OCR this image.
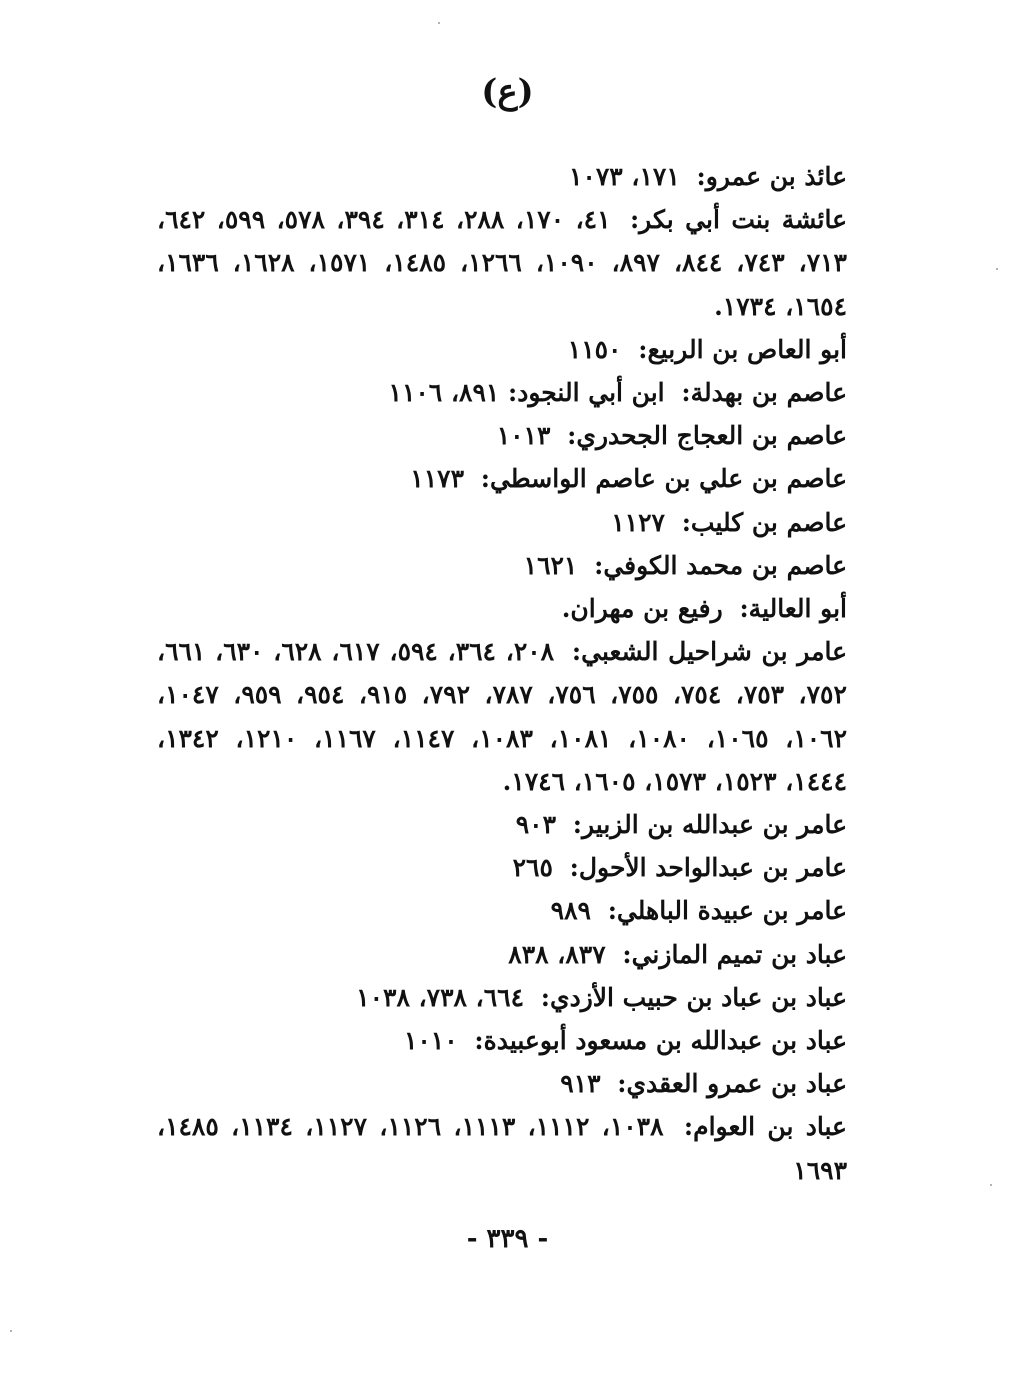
(ع)
عائذ بن عمرو: ١٧١، ١٠٧٣
عائشة بنت أبي بكر: ٤١، ١٧٠، ٢٨٨، ٣١٤، ٣٩٤، ٥٧٨، ٥٩٩، ٦٤٢، ٧١٣، ٧٤٣، ٨٤٤، ٨٩٧، ١٠٩٠، ١٢٦٦، ١٤٨٥، ١٥٧١، ١٦٢٨، ١٦٣٦، ١٦٥٤، ١٧٣٤.
أبو العاص بن الربيع: ١١٥٠
عاصم بن بهدلة: ابن أبي النجود: ٨٩١، ١١٠٦
عاصم بن العجاج الجحدري: ١٠١٣
عاصم بن علي بن عاصم الواسطي: ١١٧٣
عاصم بن كليب: ١١٢٧
عاصم بن محمد الكوفي: ١٦٢١
أبو العالية: رفيع بن مهران.
عامر بن شراحيل الشعبي: ٢٠٨، ٣٦٤، ٥٩٤، ٦١٧، ٦٢٨، ٦٣٠، ٦٦١، ٧٥٢، ٧٥٣، ٧٥٤، ٧٥٥، ٧٥٦، ٧٨٧، ٧٩٢، ٩١٥، ٩٥٤، ٩٥٩، ١٠٤٧، ١٠٦٢، ١٠٦٥، ١٠٨٠، ١٠٨١، ١٠٨٣، ١١٤٧، ١١٦٧، ١٢١٠، ١٣٤٢، ١٤٤٤، ١٥٢٣، ١٥٧٣، ١٦٠٥، ١٧٤٦.
عامر بن عبدالله بن الزبير: ٩٠٣
عامر بن عبدالواحد الأحول: ٢٦٥
عامر بن عبيدة الباهلي: ٩٨٩
عباد بن تميم المازني: ٨٣٧، ٨٣٨
عباد بن عباد بن حبيب الأزدي: ٦٦٤، ٧٣٨، ١٠٣٨
عباد بن عبدالله بن مسعود أبوعبيدة: ١٠١٠
عباد بن عمرو العقدي: ٩١٣
عباد بن العوام: ١٠٣٨، ١١١٢، ١١١٣، ١١٢٦، ١١٢٧، ١١٣٤، ١٤٨٥، ١٦٩٣
- ٣٣٩ -
